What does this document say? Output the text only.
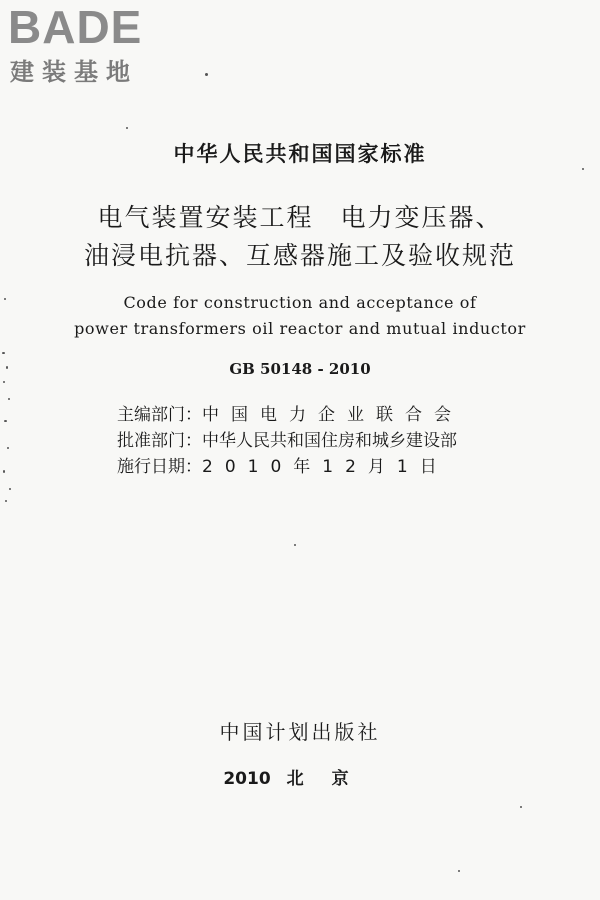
BADE
建装基地
中华人民共和国国家标准
电气装置安装工程　电力变压器、
油浸电抗器、互感器施工及验收规范
Code for construction and acceptance of
power transformers oil reactor and mutual inductor
GB 50148 - 2010
主编部门：中国电力企业联合会
批准部门：中华人民共和国住房和城乡建设部
施行日期：2010年12月1日
中国计划出版社
2010 北京
